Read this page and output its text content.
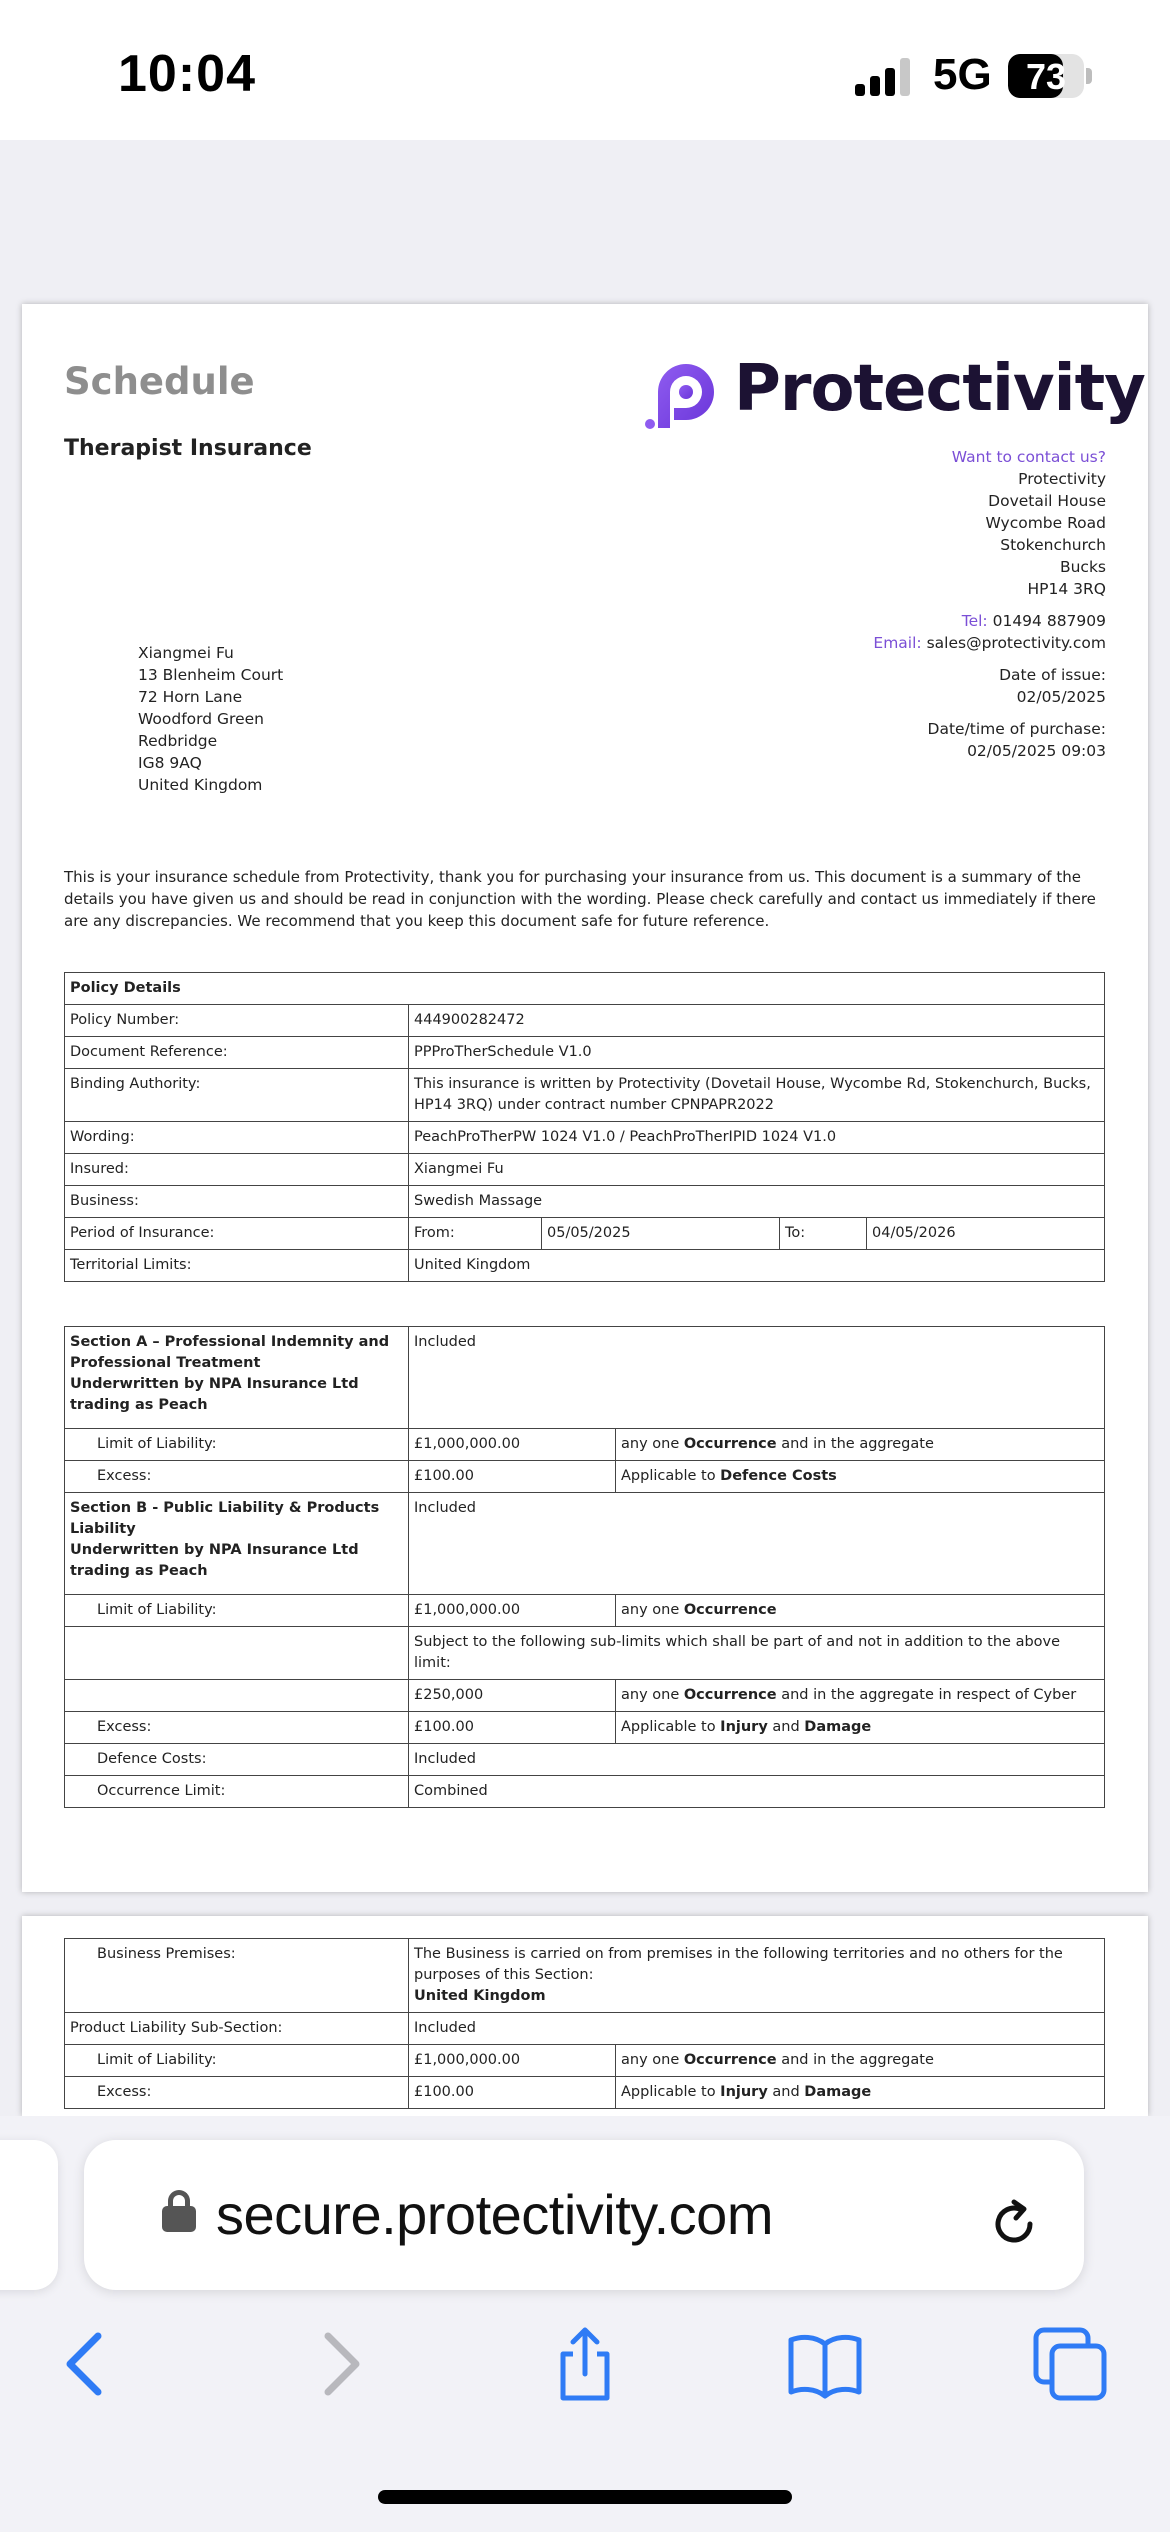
10:04	5G 73
Schedule
Therapist Insurance
Protectivity
Want to contact us?
Protectivity
Dovetail House
Wycombe Road
Stokenchurch
Bucks
HP14 3RQ
Tel: 01494 887909
Email: sales@protectivity.com
Date of issue:
02/05/2025
Date/time of purchase:
02/05/2025 09:03
Xiangmei Fu
13 Blenheim Court
72 Horn Lane
Woodford Green
Redbridge
IG8 9AQ
United Kingdom
This is your insurance schedule from Protectivity, thank you for purchasing your insurance from us. This document is a summary of the details you have given us and should be read in conjunction with the wording. Please check carefully and contact us immediately if there are any discrepancies. We recommend that you keep this document safe for future reference.
Policy Details				
Policy Number:	444900282472			
Document Reference:	PPProTherSchedule V1.0			
Binding Authority:	This insurance is written by Protectivity (Dovetail House, Wycombe Rd, Stokenchurch, Bucks, HP14 3RQ) under contract number CPNPAPR2022			
Wording:	PeachProTherPW 1024 V1.0 / PeachProTherIPID 1024 V1.0			
Insured:	Xiangmei Fu			
Business:	Swedish Massage			
Period of Insurance:	From:	05/05/2025	To:	04/05/2026
Territorial Limits:	United Kingdom			
Section A – Professional Indemnity and Professional Treatment
Underwritten by NPA Insurance Ltd trading as Peach	Included	
Limit of Liability:	£1,000,000.00	any one Occurrence and in the aggregate
Excess:	£100.00	Applicable to Defence Costs

Section B - Public Liability & Products Liability
Underwritten by NPA Insurance Ltd trading as Peach	Included	
Limit of Liability:	£1,000,000.00	any one Occurrence
	Subject to the following sub-limits which shall be part of and not in addition to the above limit:	
	£250,000	any one Occurrence and in the aggregate in respect of Cyber
Excess:	£100.00	Applicable to Injury and Damage
Defence Costs:	Included	
Occurrence Limit:	Combined	
Business Premises:	The Business is carried on from premises in the following territories and no others for the purposes of this Section:
United Kingdom	

Product Liability Sub-Section:	Included	
Limit of Liability:	£1,000,000.00	any one Occurrence and in the aggregate
Excess:	£100.00	Applicable to Injury and Damage
secure.protectivity.com
